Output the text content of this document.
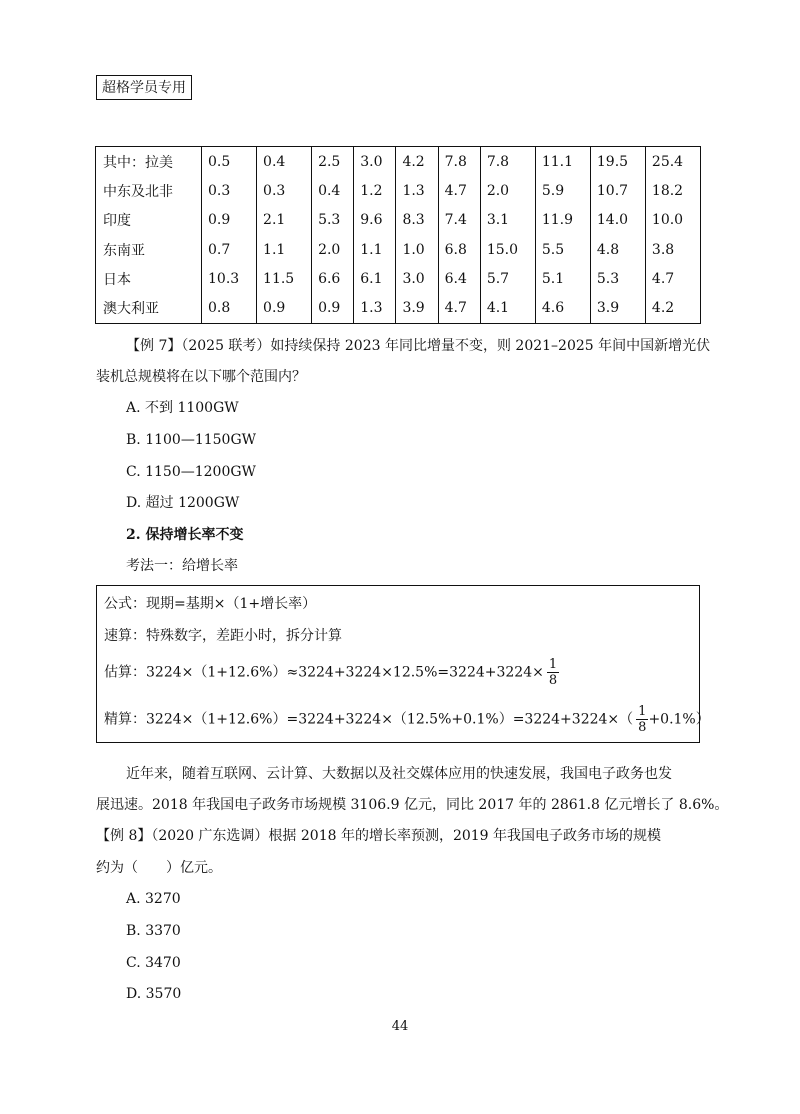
超格学员专用
其中：拉美	0.5	0.4	2.5	3.0	4.2	7.8	7.8	11.1	19.5	25.4
中东及北非	0.3	0.3	0.4	1.2	1.3	4.7	2.0	5.9	10.7	18.2
印度	0.9	2.1	5.3	9.6	8.3	7.4	3.1	11.9	14.0	10.0
东南亚	0.7	1.1	2.0	1.1	1.0	6.8	15.0	5.5	4.8	3.8
日本	10.3	11.5	6.6	6.1	3.0	6.4	5.7	5.1	5.3	4.7
澳大利亚	0.8	0.9	0.9	1.3	3.9	4.7	4.1	4.6	3.9	4.2
【例 7】（2025 联考）如持续保持 2023 年同比增量不变，则 2021–2025 年间中国新增光伏
装机总规模将在以下哪个范围内？
A. 不到 1100GW
B. 1100—1150GW
C. 1150—1200GW
D. 超过 1200GW
2. 保持增长率不变
考法一：给增长率
公式：现期=基期×（1+增长率）
速算：特殊数字，差距小时，拆分计算
估算：$3224\times(1+12.6\%)\approx 3224+3224\times 12.5\%=3224+3224\times \frac{1}{8}$
精算：$3224\times(1+12.6\%)=3224+3224\times(12.5\%+0.1\%)=3224+3224\times( \frac{1}{8} +0.1\%)$
近年来，随着互联网、云计算、大数据以及社交媒体应用的快速发展，我国电子政务也发
展迅速。2018 年我国电子政务市场规模 3106.9 亿元，同比 2017 年的 2861.8 亿元增长了 8.6%。
【例 8】（2020 广东选调）根据 2018 年的增长率预测，2019 年我国电子政务市场的规模
约为（　　）亿元。
A. 3270
B. 3370
C. 3470
D. 3570
44
